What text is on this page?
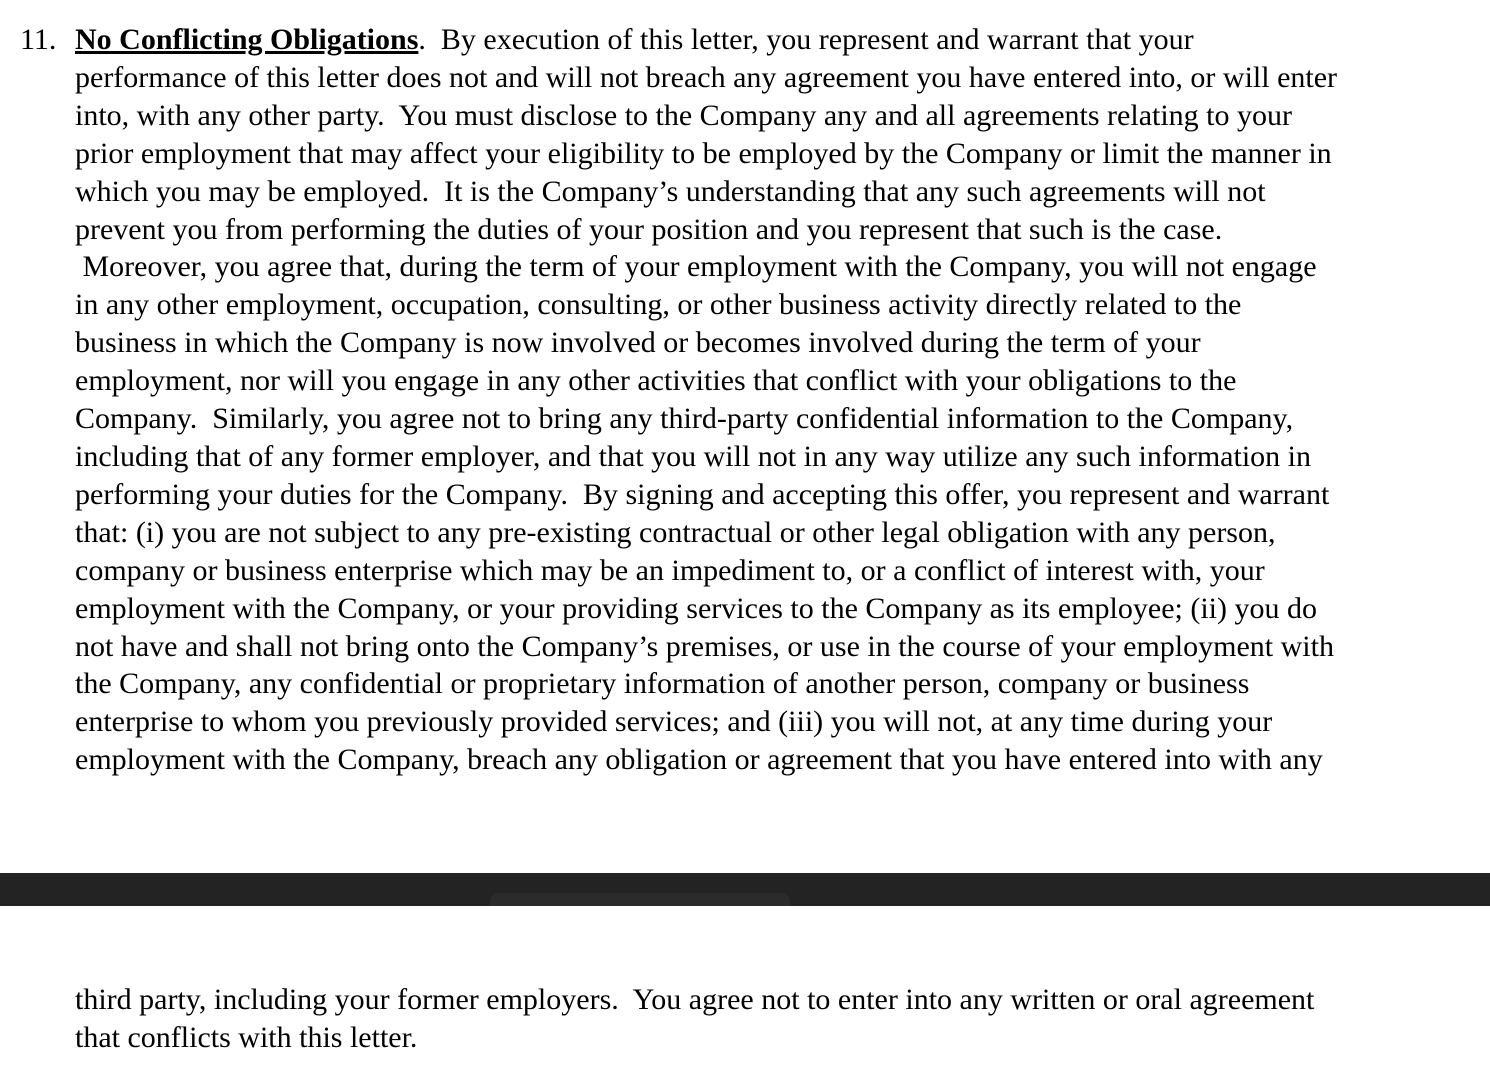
11. No Conflicting Obligations.  By execution of this letter, you represent and warrant that your
performance of this letter does not and will not breach any agreement you have entered into, or will enter
into, with any other party.  You must disclose to the Company any and all agreements relating to your
prior employment that may affect your eligibility to be employed by the Company or limit the manner in
which you may be employed.  It is the Company’s understanding that any such agreements will not
prevent you from performing the duties of your position and you represent that such is the case.
Moreover, you agree that, during the term of your employment with the Company, you will not engage
in any other employment, occupation, consulting, or other business activity directly related to the
business in which the Company is now involved or becomes involved during the term of your
employment, nor will you engage in any other activities that conflict with your obligations to the
Company.  Similarly, you agree not to bring any third-party confidential information to the Company,
including that of any former employer, and that you will not in any way utilize any such information in
performing your duties for the Company.  By signing and accepting this offer, you represent and warrant
that: (i) you are not subject to any pre-existing contractual or other legal obligation with any person,
company or business enterprise which may be an impediment to, or a conflict of interest with, your
employment with the Company, or your providing services to the Company as its employee; (ii) you do
not have and shall not bring onto the Company’s premises, or use in the course of your employment with
the Company, any confidential or proprietary information of another person, company or business
enterprise to whom you previously provided services; and (iii) you will not, at any time during your
employment with the Company, breach any obligation or agreement that you have entered into with any
third party, including your former employers.  You agree not to enter into any written or oral agreement
that conflicts with this letter.
